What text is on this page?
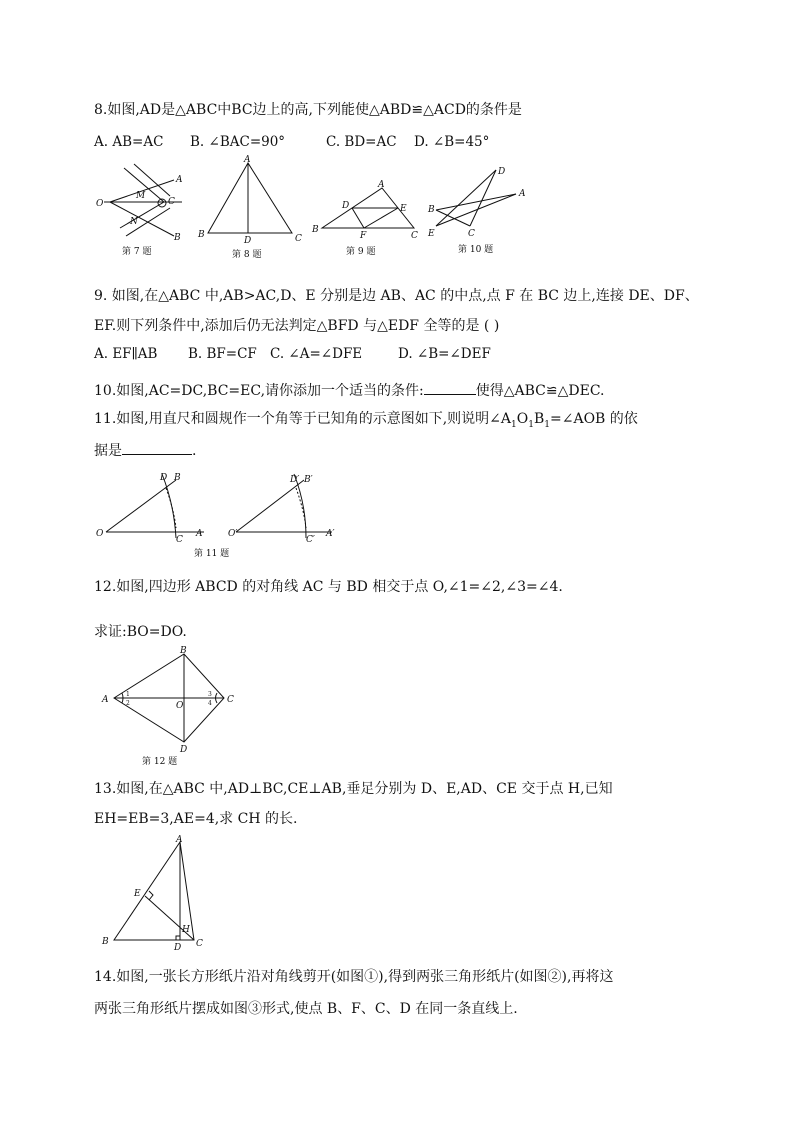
8.如图,AD是△ABC中BC边上的高,下列能使△ABD≌△ACD的条件是
A. AB=AC B. ∠BAC=90°	C. BD=AC D. ∠B=45°
O
A
M
N
C
B
第 7 题
A
B	C
D
第 8 题
A
D	E
B
F	C
第 9 题
D
A
B
E	C
第 10 题
9. 如图,在△ABC 中,AB>AC,D、E 分别是边 AB、AC 的中点,点 F 在 BC 边上,连接 DE、DF、
EF.则下列条件中,添加后仍无法判定△BFD 与△EDF 全等的是 ( )
A. EF∥AB B. BF=CF C. ∠A=∠DFE	D. ∠B=∠DEF
10.如图,AC=DC,BC=EC,请你添加一个适当的条件:	使得△ABC≌△DEC.
11.如图,用直尺和圆规作一个角等于已知角的示意图如下,则说明$\angle A_1O_1B_1=\angle AOB$ 的依
据是	.
O
D B
C
A	O′
D′ B′
C′
A′
第 11 题
12.如图,四边形 ABCD 的对角线 AC 与 BD 相交于点 O,∠1=∠2,∠3=∠4.
求证:BO=DO.
B
A	C
D
O
1
2
3
4
第 12 题
13.如图,在△ABC 中,AD⊥BC,CE⊥AB,垂足分别为 D、E,AD、CE 交于点 H,已知
EH=EB=3,AE=4,求 CH 的长.
A
E
H
B
D C
14.如图,一张长方形纸片沿对角线剪开(如图①),得到两张三角形纸片(如图②),再将这
两张三角形纸片摆成如图③形式,使点 B、F、C、D 在同一条直线上.
